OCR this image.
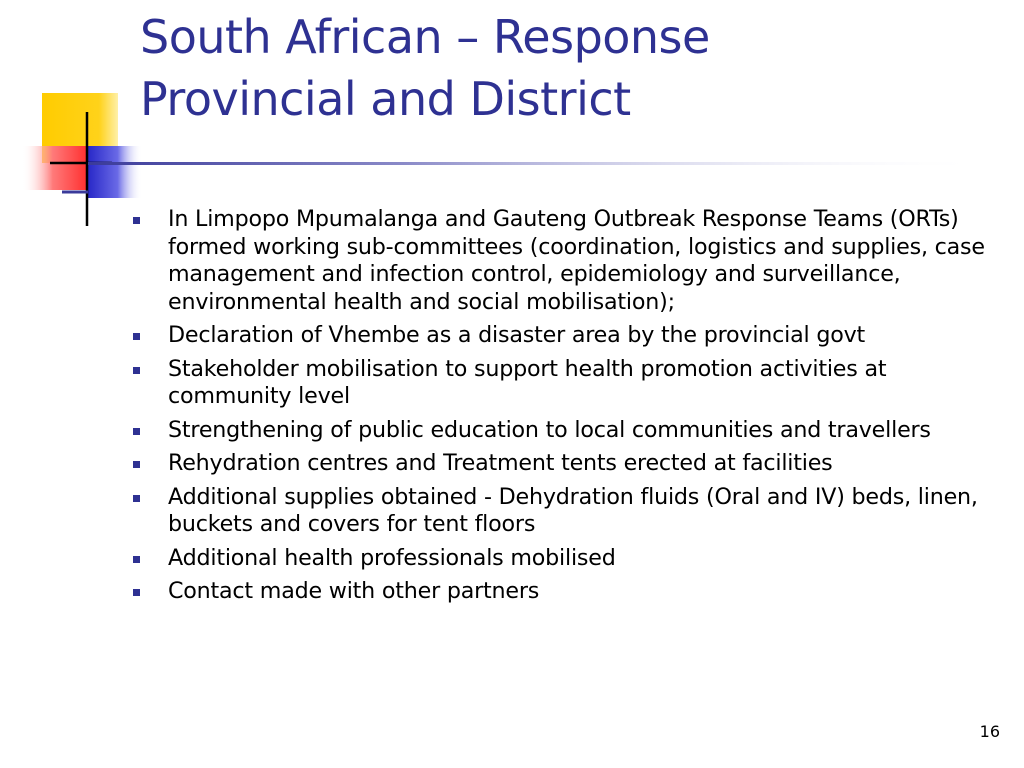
South African – Response
Provincial and District
In Limpopo Mpumalanga and Gauteng Outbreak Response Teams (ORTs) formed working sub-committees (coordination, logistics and supplies, case management and infection control, epidemiology and surveillance, environmental health and social mobilisation);
Declaration of Vhembe as a disaster area by the provincial govt
Stakeholder mobilisation to support health promotion activities at community level
Strengthening of public education to local communities and travellers
Rehydration centres and Treatment tents erected at facilities
Additional supplies obtained - Dehydration fluids (Oral and IV) beds, linen, buckets and covers for tent floors
Additional health professionals mobilised
Contact made with other partners
16
